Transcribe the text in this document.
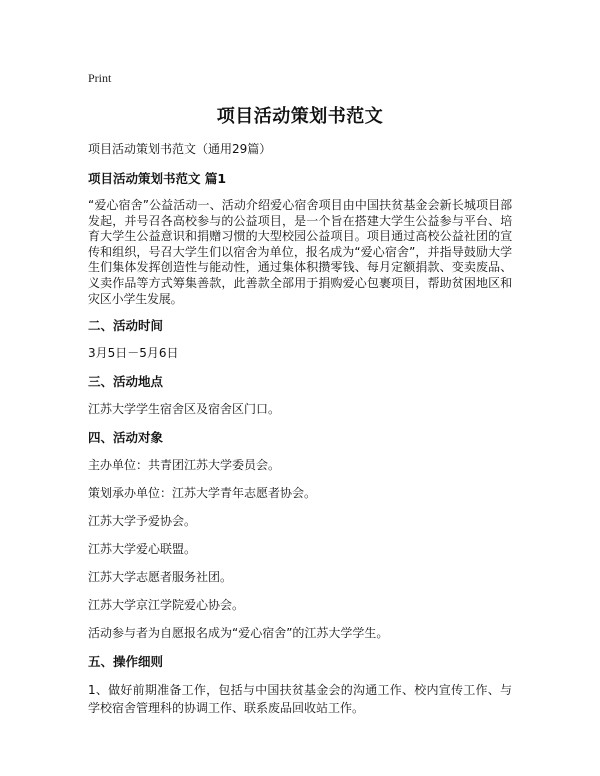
Print
项目活动策划书范文
项目活动策划书范文（通用29篇）
项目活动策划书范文 篇1
“爱心宿舍”公益活动一、活动介绍爱心宿舍项目由中国扶贫基金会新长城项目部发起，并号召各高校参与的公益项目，是一个旨在搭建大学生公益参与平台、培育大学生公益意识和捐赠习惯的大型校园公益项目。项目通过高校公益社团的宣传和组织，号召大学生们以宿舍为单位，报名成为“爱心宿舍”，并指导鼓励大学生们集体发挥创造性与能动性，通过集体积攒零钱、每月定额捐款、变卖废品、义卖作品等方式筹集善款，此善款全部用于捐购爱心包裹项目，帮助贫困地区和灾区小学生发展。
二、活动时间
3月5日－5月6日
三、活动地点
江苏大学学生宿舍区及宿舍区门口。
四、活动对象
主办单位：共青团江苏大学委员会。
策划承办单位：江苏大学青年志愿者协会。
江苏大学予爱协会。
江苏大学爱心联盟。
江苏大学志愿者服务社团。
江苏大学京江学院爱心协会。
活动参与者为自愿报名成为“爱心宿舍”的江苏大学学生。
五、操作细则
1、做好前期准备工作，包括与中国扶贫基金会的沟通工作、校内宣传工作、与学校宿舍管理科的协调工作、联系废品回收站工作。
